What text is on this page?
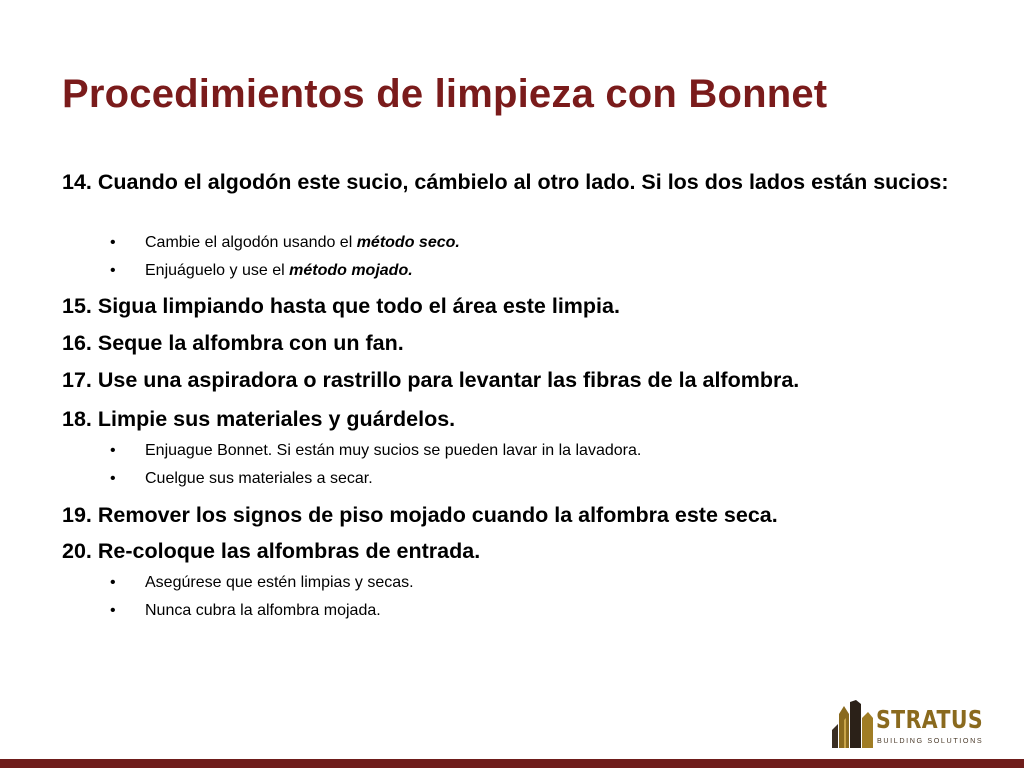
Procedimientos de limpieza con Bonnet

14. Cuando el algodón este sucio, cámbielo al otro lado. Si los dos lados están sucios:

• Cambie el algodón usando el método seco.

• Enjuáguelo y use el método mojado.

15. Sigua limpiando hasta que todo el área este limpia.

16. Seque la alfombra con un fan.

17. Use una aspiradora o rastrillo para levantar las fibras de la alfombra.

18. Limpie sus materiales y guárdelos.

• Enjuague Bonnet. Si están muy sucios se pueden lavar in la lavadora.

• Cuelgue sus materiales a secar.

19. Remover los signos de piso mojado cuando la alfombra este seca.

20. Re-coloque las alfombras de entrada.

• Asegúrese que estén limpias y secas.

• Nunca cubra la alfombra mojada.

STRATUS
BUILDING SOLUTIONS
